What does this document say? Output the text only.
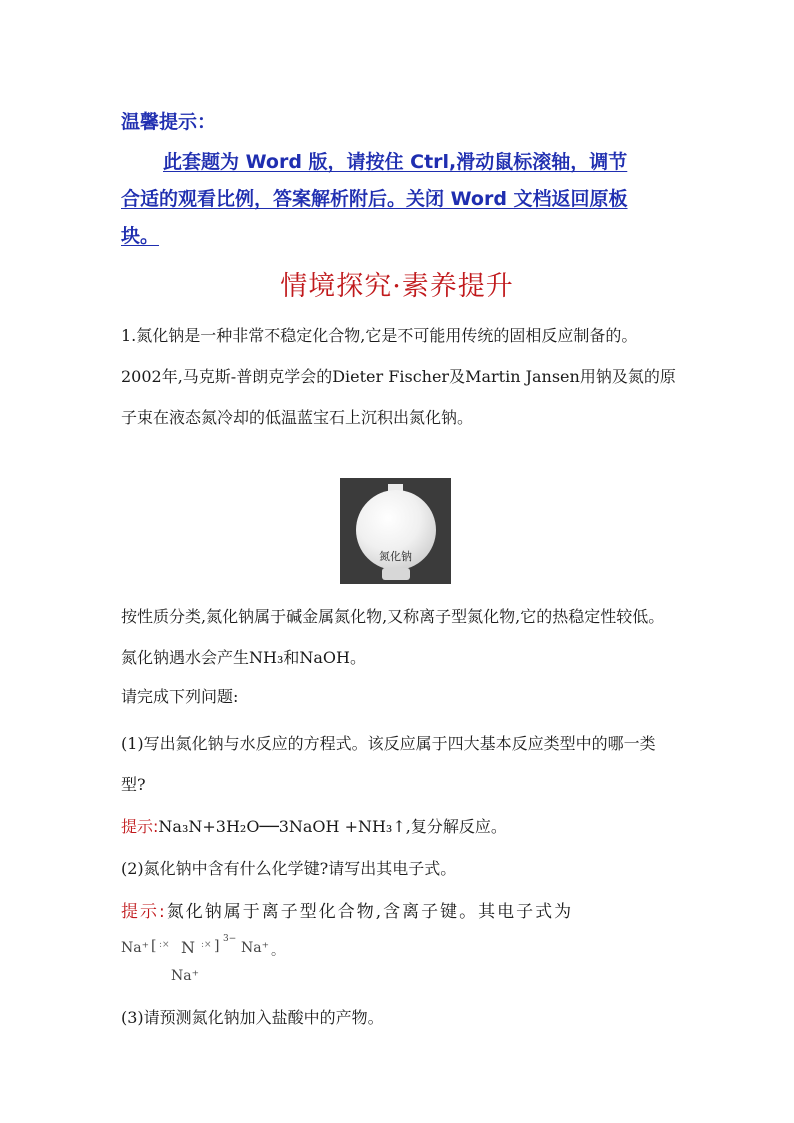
温馨提示：
此套题为 Word 版，请按住 Ctrl,滑动鼠标滚轴，调节
合适的观看比例，答案解析附后。关闭 Word 文档返回原板
块。
情境探究·素养提升
1.氮化钠是一种非常不稳定化合物,它是不可能用传统的固相反应制备的。2002年,马克斯-普朗克学会的Dieter Fischer及Martin Jansen用钠及氮的原子束在液态氮冷却的低温蓝宝石上沉积出氮化钠。
氮化钠
按性质分类,氮化钠属于碱金属氮化物,又称离子型氮化物,它的热稳定性较低。氮化钠遇水会产生NH₃和NaOH。
请完成下列问题:
(1)写出氮化钠与水反应的方程式。该反应属于四大基本反应类型中的哪一类型?
提示:Na₃N+3H₂O──3NaOH +NH₃↑,复分解反应。
(2)氮化钠中含有什么化学键?请写出其电子式。
提示:氮化钠属于离子型化合物,含离子键。其电子式为
Na⁺ [ :× N :× ] 3−
Na⁺ 。
Na⁺
(3)请预测氮化钠加入盐酸中的产物。
